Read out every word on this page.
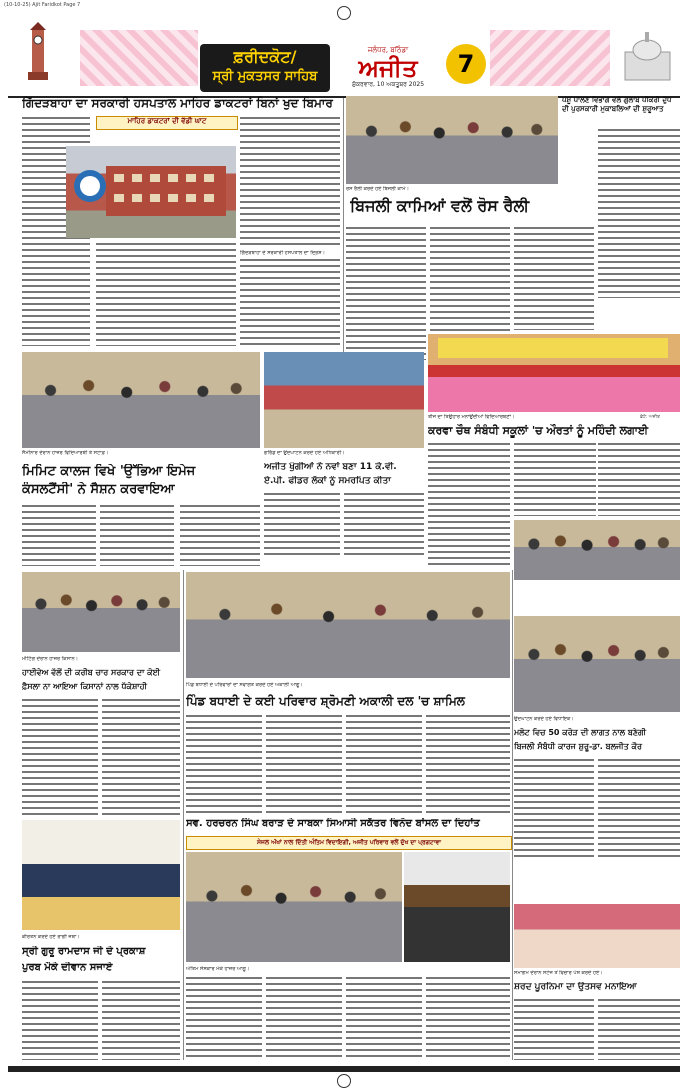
(10-10-25) Ajit Faridkot Page 7
ਫ਼ਰੀਦਕੋਟ/
ਸ੍ਰੀ ਮੁਕਤਸਰ ਸਾਹਿਬ
ਜਲੰਧਰ, ਬਠਿੰਡਾ
ਅਜੀਤ
ਸ਼ੁੱਕਰਵਾਰ, 10 ਅਕਤੂਬਰ 2025
7
ਗਿੱਦੜਬਾਹਾ ਦਾ ਸਰਕਾਰੀ ਹਸਪਤਾਲ ਮਾਹਿਰ ਡਾਕਟਰਾਂ ਬਿਨਾਂ ਖੁਦ ਬਿਮਾਰ
ਮਾਹਿਰ ਡਾਕਟਰਾਂ ਦੀ ਵੱਡੀ ਘਾਟ
ਗਿੱਦੜਬਾਹਾ ਦੇ ਸਰਕਾਰੀ ਹਸਪਤਾਲ ਦਾ ਦ੍ਰਿਸ਼।
ਰੋਸ ਰੈਲੀ ਕਰਦੇ ਹੋਏ ਬਿਜਲੀ ਕਾਮੇ।
ਬਿਜਲੀ ਕਾਮਿਆਂ ਵਲੋਂ ਰੋਸ ਰੈਲੀ
ਪਸ਼ੂ ਪਾਲਣ ਵਿਭਾਗ ਵਲੋਂ ਗੁਲਾਬ ਪੀਂਕਰੀ ਦੁੱਧ ਦੀ ਪੁਰਸਕਾਰੀ ਮੁਕਾਬਲਿਆਂ ਦੀ ਸ਼ੁਰੂਆਤ
ਤੀਜ ਦਾ ਤਿਉਹਾਰ ਮਨਾਉਂਦੀਆਂ ਵਿਦਿਆਰਥਣਾਂ।	ਫ਼ੋਟੋ: ਅਜੀਤ
ਕਰਵਾ ਚੌਥ ਸੰਬੰਧੀ ਸਕੂਲਾਂ 'ਚ ਔਰਤਾਂ ਨੂੰ ਮਹਿੰਦੀ ਲਗਾਈ
ਸੈਮੀਨਾਰ ਦੌਰਾਨ ਹਾਜ਼ਰ ਵਿਦਿਆਰਥੀ ਤੇ ਸਟਾਫ਼।
ਮਿਮਿਟ ਕਾਲਜ ਵਿਖੇ 'ਉੱਭਿਆ ਇਮੇਜ
ਕੰਸਲਟੈਂਸੀ' ਨੇ ਸੈਸ਼ਨ ਕਰਵਾਇਆ
ਗਰਿੱਡ ਦਾ ਉਦਘਾਟਨ ਕਰਦੇ ਹੋਏ ਅਧਿਕਾਰੀ।
ਅਜੀਤ ਖੁੰਗੀਆਂ ਨੇ ਨਵਾਂ ਬਣਾ 11 ਕੇ.ਵੀ.
ਏ.ਪੀ. ਫੀਡਰ ਲੋਕਾਂ ਨੂੰ ਸਮਰਪਿਤ ਕੀਤਾ
ਮੀਟਿੰਗ ਦੌਰਾਨ ਹਾਜ਼ਰ ਕਿਸਾਨ।
ਹਾਈਵੇਅ ਵੱਲੋਂ ਦੀ ਕਰੀਬ ਚਾਰ ਸਰਕਾਰ ਦਾ ਕੋਈ
ਫ਼ੈਸਲਾ ਨਾ ਆਇਆ ਕਿਸਾਨਾਂ ਨਾਲ ਧੱਕੇਸ਼ਾਹੀ	ਪਿੰਡ ਬਧਾਈ ਦੇ ਪਰਿਵਾਰਾਂ ਦਾ ਸਵਾਗਤ ਕਰਦੇ ਹੋਏ ਅਕਾਲੀ ਆਗੂ।
ਪਿੰਡ ਬਧਾਈ ਦੇ ਕਈ ਪਰਿਵਾਰ ਸ਼੍ਰੋਮਣੀ ਅਕਾਲੀ ਦਲ 'ਚ ਸ਼ਾਮਿਲ
ਉਦਘਾਟਨ ਕਰਦੇ ਹੋਏ ਵਿਧਾਇਕ।
ਮਲੋਟ ਵਿਚ 50 ਕਰੋੜ ਦੀ ਲਾਗਤ ਨਾਲ ਬਣੇਗੀ
ਬਿਜਲੀ ਸੰਬੰਧੀ ਕਾਰਜ ਸ਼ੁਰੂ-ਡਾ. ਬਲਜੀਤ ਕੌਰ
ਸਵ. ਹਰਚਰਨ ਸਿੰਘ ਬਰਾੜ ਦੇ ਸਾਬਕਾ ਸਿਆਸੀ ਸਕੱਤਰ ਵਿਨੋਦ ਬਾਂਸਲ ਦਾ ਦਿਹਾਂਤ
ਸੇਜਲ ਅੱਖਾਂ ਨਾਲ ਦਿੱਤੀ ਅੰਤਿਮ ਵਿਦਾਇਗੀ, ਅਜੀਤ ਪਰਿਵਾਰ ਵਲੋਂ ਦੁੱਖ ਦਾ ਪ੍ਰਗਟਾਵਾ
ਅੰਤਿਮ ਸੰਸਕਾਰ ਮੌਕੇ ਹਾਜ਼ਰ ਆਗੂ।
ਕੀਰਤਨ ਕਰਦੇ ਹੋਏ ਰਾਗੀ ਜਥਾ।
ਸ੍ਰੀ ਗੁਰੂ ਰਾਮਦਾਸ ਜੀ ਦੇ ਪ੍ਰਕਾਸ਼
ਪੁਰਬ ਮੌਕੇ ਦੀਵਾਨ ਸਜਾਏ	ਸਮਾਗਮ ਦੌਰਾਨ ਸਟੇਜ ਤੋਂ ਵਿਚਾਰ ਪੇਸ਼ ਕਰਦੇ ਹੋਏ।
ਸ਼ਰਦ ਪੂਰਨਿਮਾ ਦਾ ਉਤਸਵ ਮਨਾਇਆ
